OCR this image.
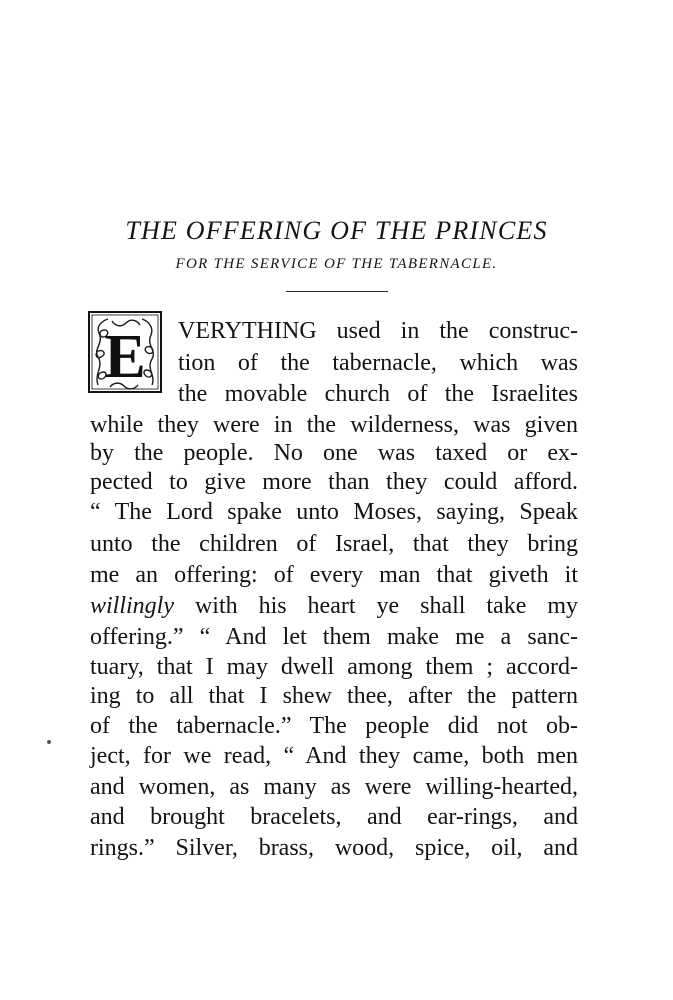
THE OFFERING OF THE PRINCES
FOR THE SERVICE OF THE TABERNACLE.
E VERYTHING used in the construc-
tion of the tabernacle, which was
the movable church of the Israelites
while they were in the wilderness, was given
by the people. No one was taxed or ex-
pected to give more than they could afford.
“ The Lord spake unto Moses, saying, Speak
unto the children of Israel, that they bring
me an offering: of every man that giveth it
willingly with his heart ye shall take my
offering.” “ And let them make me a sanc-
tuary, that I may dwell among them ; accord-
ing to all that I shew thee, after the pattern
of the tabernacle.” The people did not ob-
ject, for we read, “ And they came, both men
and women, as many as were willing-hearted,
and brought bracelets, and ear-rings, and
rings.” Silver, brass, wood, spice, oil, and
